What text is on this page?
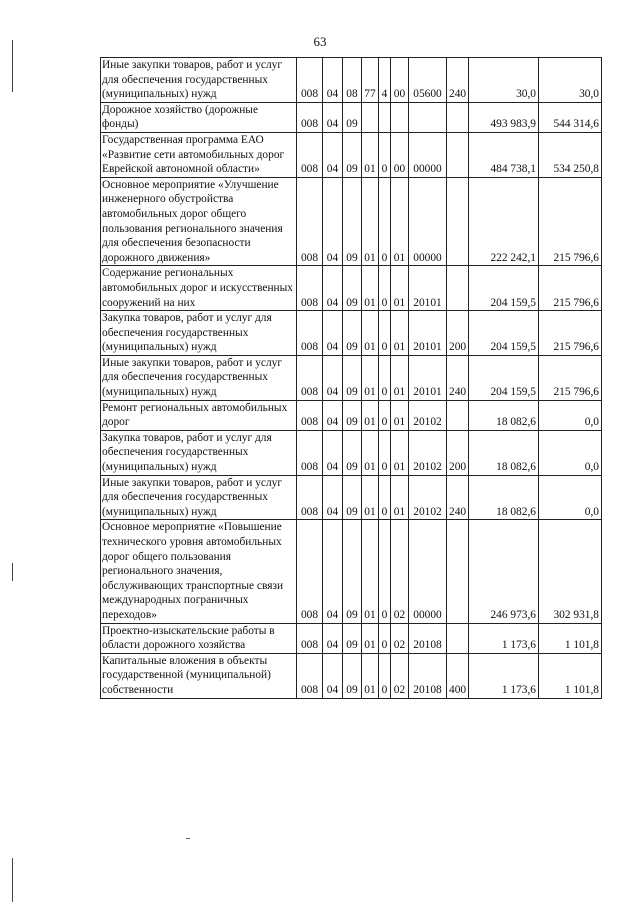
63
Иные закупки товаров, работ и услуг для обеспечения государственных (муниципальных) нужд	008	04	08	77	4	00	05600	240	30,0	30,0
Дорожное хозяйство (дорожные фонды)	008	04	09						493 983,9	544 314,6
Государственная программа ЕАО «Развитие сети автомобильных дорог Еврейской автономной области»	008	04	09	01	0	00	00000		484 738,1	534 250,8
Основное мероприятие «Улучшение инженерного обустройства автомобильных дорог общего пользования регионального значения для обеспечения безопасности дорожного движения»	008	04	09	01	0	01	00000		222 242,1	215 796,6
Содержание региональных автомобильных дорог и искусственных сооружений на них	008	04	09	01	0	01	20101		204 159,5	215 796,6
Закупка товаров, работ и услуг для обеспечения государственных (муниципальных) нужд	008	04	09	01	0	01	20101	200	204 159,5	215 796,6
Иные закупки товаров, работ и услуг для обеспечения государственных (муниципальных) нужд	008	04	09	01	0	01	20101	240	204 159,5	215 796,6
Ремонт региональных автомобильных дорог	008	04	09	01	0	01	20102		18 082,6	0,0
Закупка товаров, работ и услуг для обеспечения государственных (муниципальных) нужд	008	04	09	01	0	01	20102	200	18 082,6	0,0
Иные закупки товаров, работ и услуг для обеспечения государственных (муниципальных) нужд	008	04	09	01	0	01	20102	240	18 082,6	0,0
Основное мероприятие «Повышение технического уровня автомобильных дорог общего пользования регионального значения, обслуживающих транспортные связи международных пограничных переходов»	008	04	09	01	0	02	00000		246 973,6	302 931,8
Проектно-изыскательские работы в области дорожного хозяйства	008	04	09	01	0	02	20108		1 173,6	1 101,8
Капитальные вложения в объекты государственной (муниципальной) собственности	008	04	09	01	0	02	20108	400	1 173,6	1 101,8
